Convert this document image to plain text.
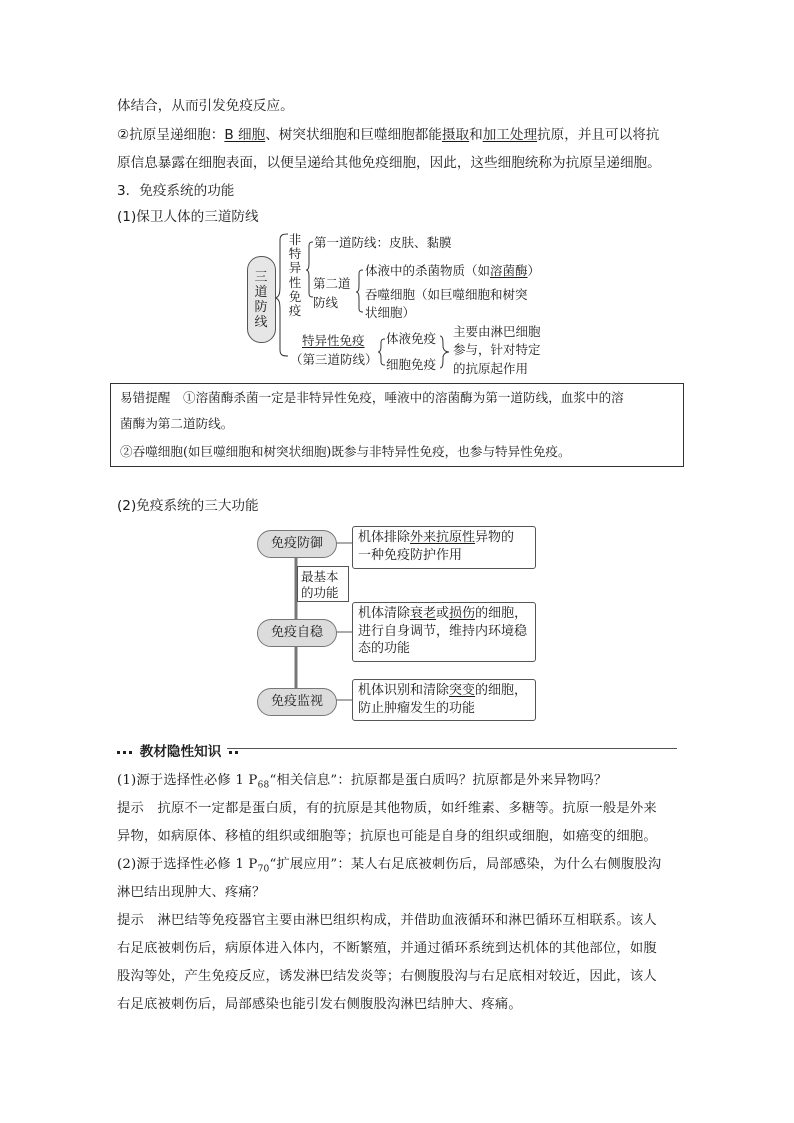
体结合，从而引发免疫反应。
②抗原呈递细胞：B 细胞、树突状细胞和巨噬细胞都能摄取和加工处理抗原，并且可以将抗
原信息暴露在细胞表面，以便呈递给其他免疫细胞，因此，这些细胞统称为抗原呈递细胞。
3．免疫系统的功能
(1)保卫人体的三道防线
三道防线
非特异性免疫
第一道防线：皮肤、黏膜
第二道
防线
体液中的杀菌物质（如溶菌酶）
吞噬细胞（如巨噬细胞和树突
状细胞）
特异性免疫
（第三道防线）
体液免疫
细胞免疫
主要由淋巴细胞
参与，针对特定
的抗原起作用
易错提醒　 ①溶菌酶杀菌一定是非特异性免疫，唾液中的溶菌酶为第一道防线，血浆中的溶
菌酶为第二道防线。
②吞噬细胞(如巨噬细胞和树突状细胞)既参与非特异性免疫，也参与特异性免疫。
(2)免疫系统的三大功能
免疫防御	机体排除外来抗原性异物的
一种免疫防护作用
最基本
的功能
免疫自稳
机体清除衰老或损伤的细胞，
进行自身调节，维持内环境稳
态的功能
免疫监视
机体识别和清除突变的细胞，
防止肿瘤发生的功能
教材隐性知识
(1)源于选择性必修 1 $P_{68}“$相关信息”：抗原都是蛋白质吗？抗原都是外来异物吗？
提示　抗原不一定都是蛋白质，有的抗原是其他物质，如纤维素、多糖等。抗原一般是外来
异物，如病原体、移植的组织或细胞等；抗原也可能是自身的组织或细胞，如癌变的细胞。
(2)源于选择性必修 1 $P_{70}“$扩展应用”：某人右足底被刺伤后，局部感染，为什么右侧腹股沟
淋巴结出现肿大、疼痛？
提示　淋巴结等免疫器官主要由淋巴组织构成，并借助血液循环和淋巴循环互相联系。该人
右足底被刺伤后，病原体进入体内，不断繁殖，并通过循环系统到达机体的其他部位，如腹
股沟等处，产生免疫反应，诱发淋巴结发炎等；右侧腹股沟与右足底相对较近，因此，该人
右足底被刺伤后，局部感染也能引发右侧腹股沟淋巴结肿大、疼痛。
